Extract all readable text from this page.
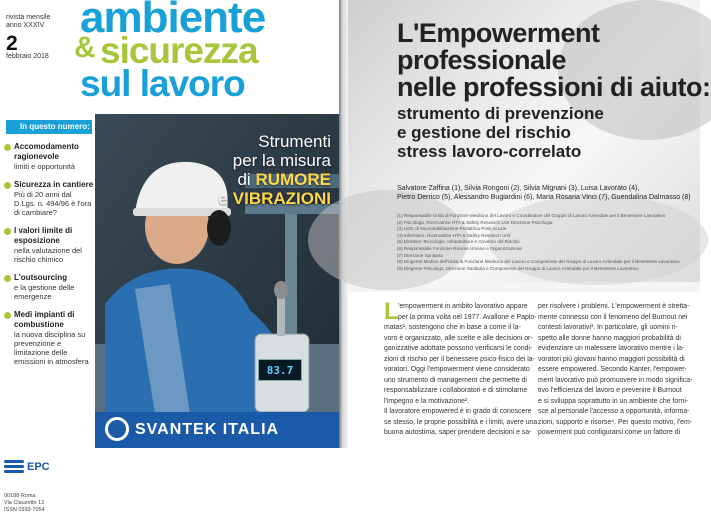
rivista mensile
anno XXXIV
2
febbraio 2018
ambiente
& sicurezza
sul lavoro
In questo numero:
Accomodamento ragionevole
limiti e opportunità
Sicurezza in cantiere
Più di 20 anni dal D.Lgs. n. 494/96 è l'ora di cambiare?
I valori limite di esposizione
nella valutazione del rischio chimico
L'outsourcing
e la gestione delle emergenze
Medi impianti di combustione
la nuova disciplina su prevenzione e limitazione delle emissioni in atmosfera
EPC
00188 Roma
Via Clauzetto 12
ISSN 0393-7054
83.7
Strumenti
per la misura
di RUMORE
e VIBRAZIONI
SVANTEK ITALIA
L'Empowerment
professionale
nelle professioni di aiuto:
strumento di prevenzione
e gestione del rischio
stress lavoro-correlato
Salvatore Zaffina (1), Silvia Rongoni (2), Silvia Mignani (3), Luisa Lavorato (4),
Pietro Derrico (5), Alessandro Bugiardini (6), Maria Rosaria Vinci (7), Guendalina Dalmasso (8)
(1) Responsabile Unità di Funzione Medicina del Lavoro e Coordinatore del Gruppo di Lavoro Aziendale per il Benessere Lavorativo
(2) Psicologa, Ricercatrice HTA & Safety Research Unit Direzione Psicologia
(3) UOC di Neuroriabilitazione Pediatrica Posti Acuzie
(4) Infermiere, Ricercatrice HTA & Safety Research Unit
(5) Direttore Tecnologie, Infrastrutture e Governo del Rischio
(6) Responsabile Funzione Risorse Umane e Organizzazione
(7) Direzione Sanitaria
(8) Dirigente Medico dell'Unità di Funzione Medicina del Lavoro e Componente del Gruppo di Lavoro Aziendale per il Benessere Lavorativo
(9) Dirigente Psicologo, Direzione Sanitaria e Componente del Gruppo di Lavoro Aziendale per il Benessere Lavorativo
'empowerment in ambito lavorativo appare
per la prima volta nel 1977. Avallone e Paplo-
matas¹, sostengono che in base a come il la-
voro è organizzato, alle scelte e alle decisioni or-
ganizzative adottate possono verificarsi le condi-
zioni di rischio per il benessere psico-fisico dei la-
voratori. Oggi l'empowerment viene considerato
uno strumento di management che permette di
responsabilizzare i collaboratori e di stimolarne
l'impegno e la motivazione².
Il lavoratore empowered è in grado di conoscere
se stesso, le proprie possibilità e i limiti, avere una
buona autostima, saper prendere decisioni e sa-
per risolvere i problemi. L'empowerment è stretta-
mente connesso con il fenomeno del Burnout nei
contesti lavorativi³. In particolare, gli uomini ri-
spetto alle donne hanno maggiori probabilità di
evidenziare un malessere lavorativo mentre i la-
voratori più giovani hanno maggiori possibilità di
essere empowered. Secondo Kanter, l'empower-
ment lavorativo può promuovere in modo significa-
tivo l'efficienza del lavoro e prevenire il Burnout
e si sviluppa soprattutto in un ambiente che forni-
sce al personale l'accesso a opportunità, informa-
zioni, supporto e risorse⁴. Per questo motivo, l'em-
powerment può configurarsi come un fattore di
L
